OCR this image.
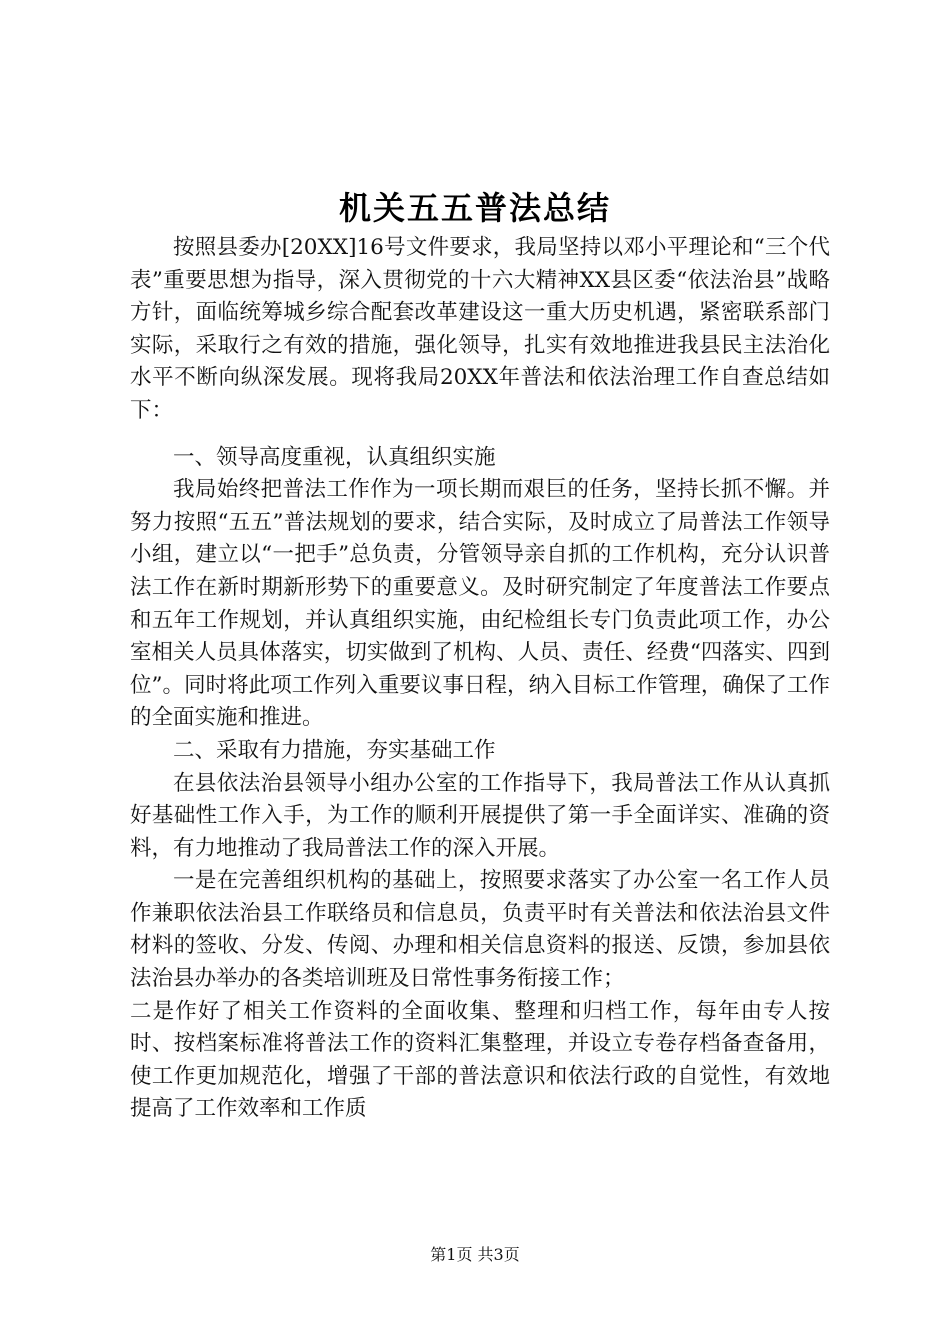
机关五五普法总结

按照县委办[20XX]16号文件要求，我局坚持以邓小平理论和“三个代表”重要思想为指导，深入贯彻党的十六大精神XX县区委“依法治县”战略方针，面临统筹城乡综合配套改革建设这一重大历史机遇，紧密联系部门实际，采取行之有效的措施，强化领导，扎实有效地推进我县民主法治化水平不断向纵深发展。现将我局20XX年普法和依法治理工作自查总结如下：

一、领导高度重视，认真组织实施

我局始终把普法工作作为一项长期而艰巨的任务，坚持长抓不懈。并努力按照“五五”普法规划的要求，结合实际，及时成立了局普法工作领导小组，建立以“一把手”总负责，分管领导亲自抓的工作机构，充分认识普法工作在新时期新形势下的重要意义。及时研究制定了年度普法工作要点和五年工作规划，并认真组织实施，由纪检组长专门负责此项工作，办公室相关人员具体落实，切实做到了机构、人员、责任、经费“四落实、四到位”。同时将此项工作列入重要议事日程，纳入目标工作管理，确保了工作的全面实施和推进。

二、采取有力措施，夯实基础工作

在县依法治县领导小组办公室的工作指导下，我局普法工作从认真抓好基础性工作入手，为工作的顺利开展提供了第一手全面详实、准确的资料，有力地推动了我局普法工作的深入开展。

一是在完善组织机构的基础上，按照要求落实了办公室一名工作人员作兼职依法治县工作联络员和信息员，负责平时有关普法和依法治县文件材料的签收、分发、传阅、办理和相关信息资料的报送、反馈，参加县依法治县办举办的各类培训班及日常性事务衔接工作；

二是作好了相关工作资料的全面收集、整理和归档工作，每年由专人按时、按档案标准将普法工作的资料汇集整理，并设立专卷存档备查备用，使工作更加规范化，增强了干部的普法意识和依法行政的自觉性，有效地提高了工作效率和工作质

第1页 共3页
